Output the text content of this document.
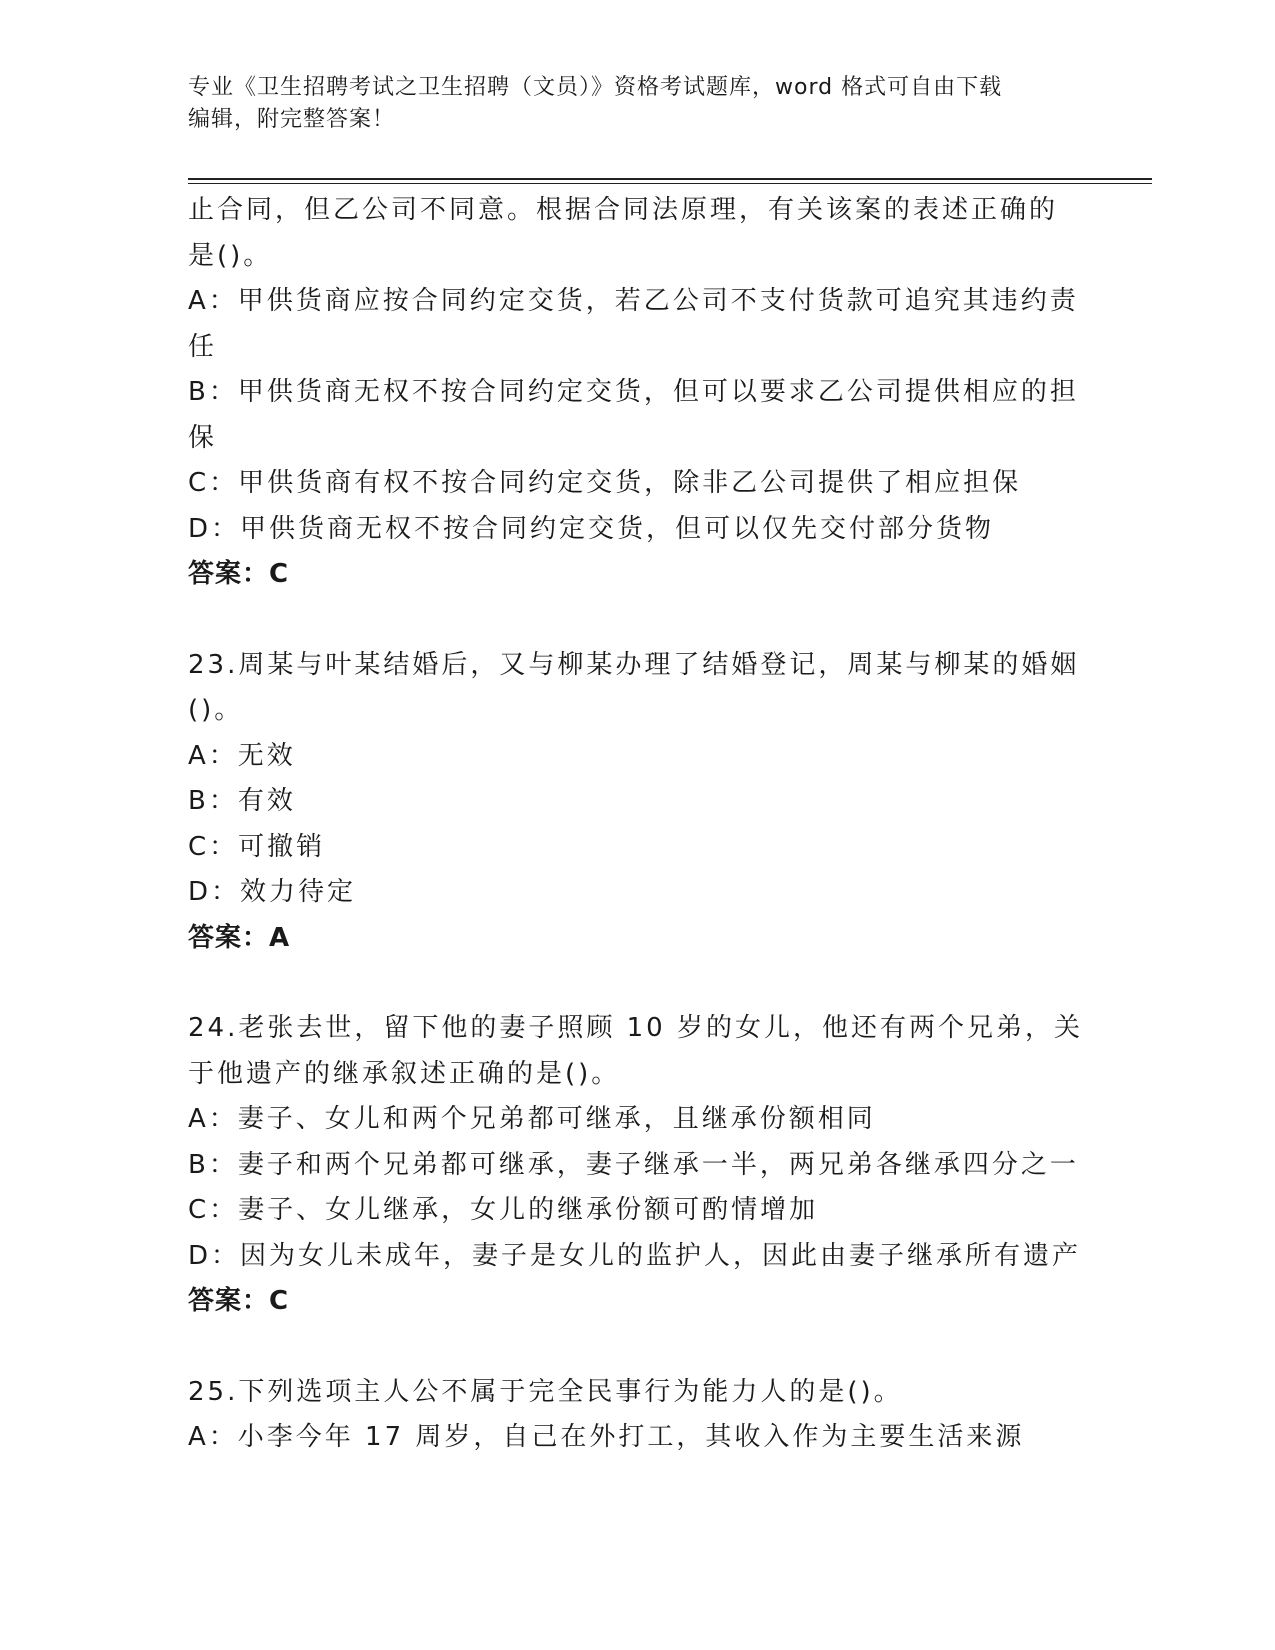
专业《卫生招聘考试之卫生招聘（文员）》资格考试题库，word 格式可自由下载
编辑，附完整答案！
止合同，但乙公司不同意。根据合同法原理，有关该案的表述正确的
是()。
A：甲供货商应按合同约定交货，若乙公司不支付货款可追究其违约责
任
B：甲供货商无权不按合同约定交货，但可以要求乙公司提供相应的担
保
C：甲供货商有权不按合同约定交货，除非乙公司提供了相应担保
D：甲供货商无权不按合同约定交货，但可以仅先交付部分货物
答案：C
23.周某与叶某结婚后，又与柳某办理了结婚登记，周某与柳某的婚姻
()。
A：无效
B：有效
C：可撤销
D：效力待定
答案：A
24.老张去世，留下他的妻子照顾 10 岁的女儿，他还有两个兄弟，关
于他遗产的继承叙述正确的是()。
A：妻子、女儿和两个兄弟都可继承，且继承份额相同
B：妻子和两个兄弟都可继承，妻子继承一半，两兄弟各继承四分之一
C：妻子、女儿继承，女儿的继承份额可酌情增加
D：因为女儿未成年，妻子是女儿的监护人，因此由妻子继承所有遗产
答案：C
25.下列选项主人公不属于完全民事行为能力人的是()。
A：小李今年 17 周岁，自己在外打工，其收入作为主要生活来源
